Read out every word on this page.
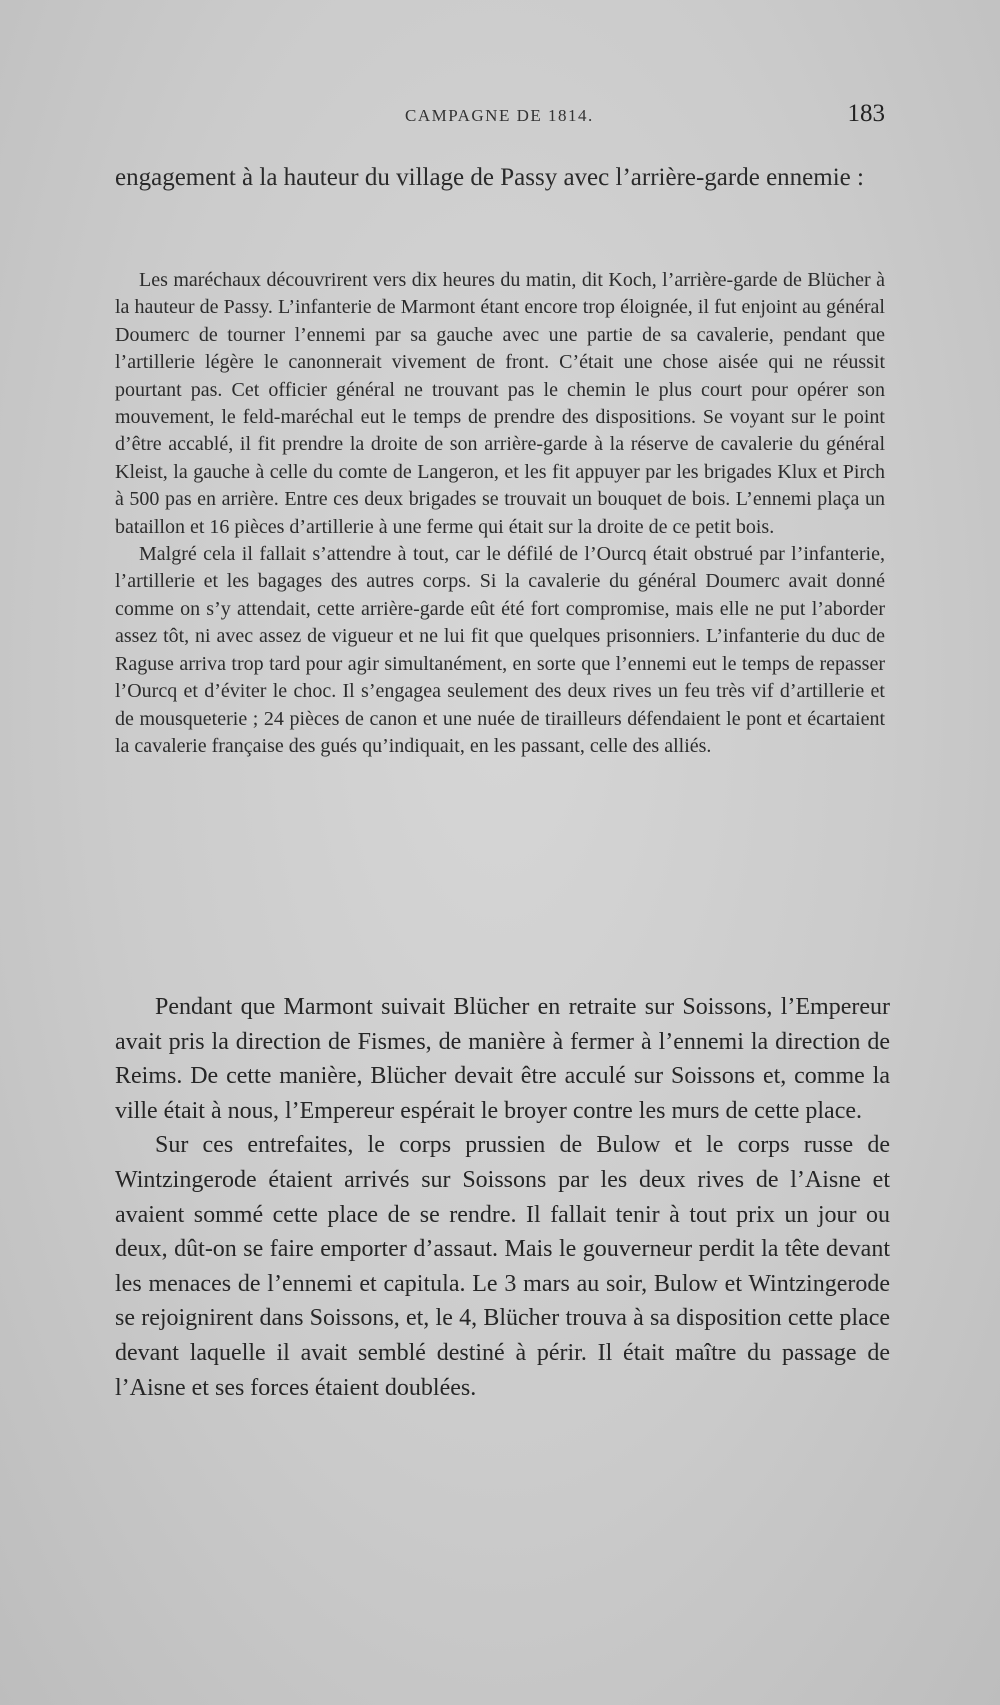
CAMPAGNE DE 1814.	183

engagement à la hauteur du village de Passy avec l’arrière-garde ennemie :

Les maréchaux découvrirent vers dix heures du matin, dit Koch, l’arrière-garde de Blücher à la hauteur de Passy. L’infanterie de Marmont étant encore trop éloignée, il fut enjoint au général Doumerc de tourner l’ennemi par sa gauche avec une partie de sa cavalerie, pendant que l’artillerie légère le canonnerait vivement de front. C’était une chose aisée qui ne réussit pourtant pas. Cet officier général ne trouvant pas le chemin le plus court pour opérer son mouvement, le feld-maréchal eut le temps de prendre des dispositions. Se voyant sur le point d’être accablé, il fit prendre la droite de son arrière-garde à la réserve de cavalerie du général Kleist, la gauche à celle du comte de Langeron, et les fit appuyer par les brigades Klux et Pirch à 500 pas en arrière. Entre ces deux brigades se trouvait un bouquet de bois. L’ennemi plaça un bataillon et 16 pièces d’artillerie à une ferme qui était sur la droite de ce petit bois.

Malgré cela il fallait s’attendre à tout, car le défilé de l’Ourcq était obstrué par l’infanterie, l’artillerie et les bagages des autres corps. Si la cavalerie du général Doumerc avait donné comme on s’y attendait, cette arrière-garde eût été fort compromise, mais elle ne put l’aborder assez tôt, ni avec assez de vigueur et ne lui fit que quelques prisonniers. L’infanterie du duc de Raguse arriva trop tard pour agir simultanément, en sorte que l’ennemi eut le temps de repasser l’Ourcq et d’éviter le choc. Il s’engagea seulement des deux rives un feu très vif d’artillerie et de mousqueterie ; 24 pièces de canon et une nuée de tirailleurs défendaient le pont et écartaient la cavalerie française des gués qu’indiquait, en les passant, celle des alliés.

Pendant que Marmont suivait Blücher en retraite sur Soissons, l’Empereur avait pris la direction de Fismes, de manière à fermer à l’ennemi la direction de Reims. De cette manière, Blücher devait être acculé sur Soissons et, comme la ville était à nous, l’Empereur espérait le broyer contre les murs de cette place.

Sur ces entrefaites, le corps prussien de Bulow et le corps russe de Wintzingerode étaient arrivés sur Soissons par les deux rives de l’Aisne et avaient sommé cette place de se rendre. Il fallait tenir à tout prix un jour ou deux, dût-on se faire emporter d’assaut. Mais le gouverneur perdit la tête devant les menaces de l’ennemi et capitula. Le 3 mars au soir, Bulow et Wintzingerode se rejoignirent dans Soissons, et, le 4, Blücher trouva à sa disposition cette place devant laquelle il avait semblé destiné à périr. Il était maître du passage de l’Aisne et ses forces étaient doublées.
